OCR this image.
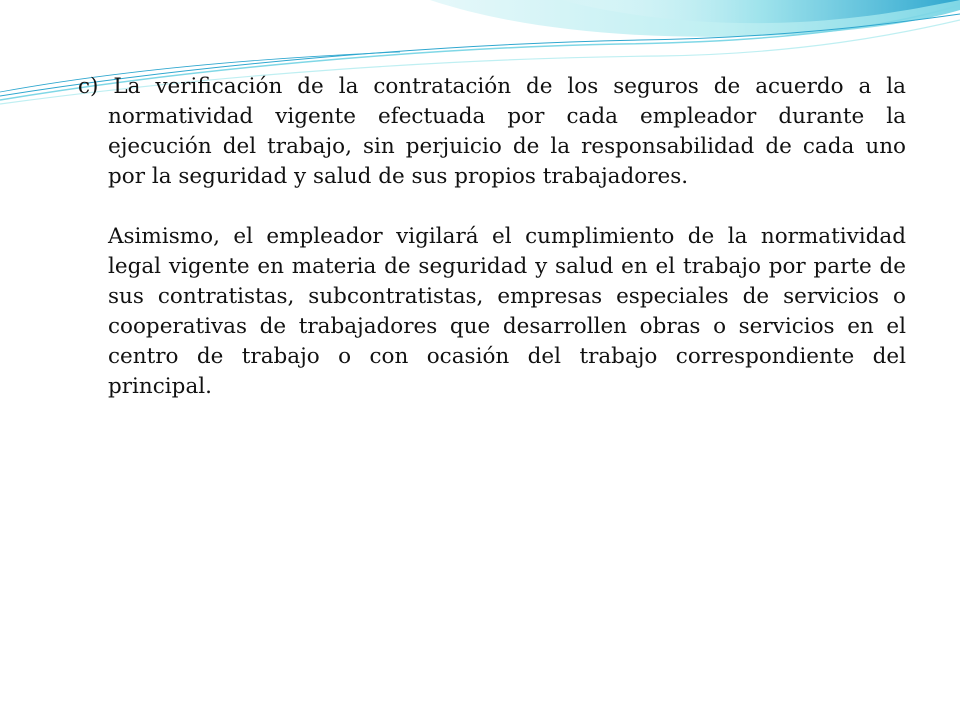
c) La verificación de la contratación de los seguros de acuerdo a la normatividad vigente efectuada por cada empleador durante la ejecución del trabajo, sin perjuicio de la responsabilidad de cada uno por la seguridad y salud de sus propios trabajadores.

Asimismo, el empleador vigilará el cumplimiento de la normatividad legal vigente en materia de seguridad y salud en el trabajo por parte de sus contratistas, subcontratistas, empresas especiales de servicios o cooperativas de trabajadores que desarrollen obras o servicios en el centro de trabajo o con ocasión del trabajo correspondiente del principal.
